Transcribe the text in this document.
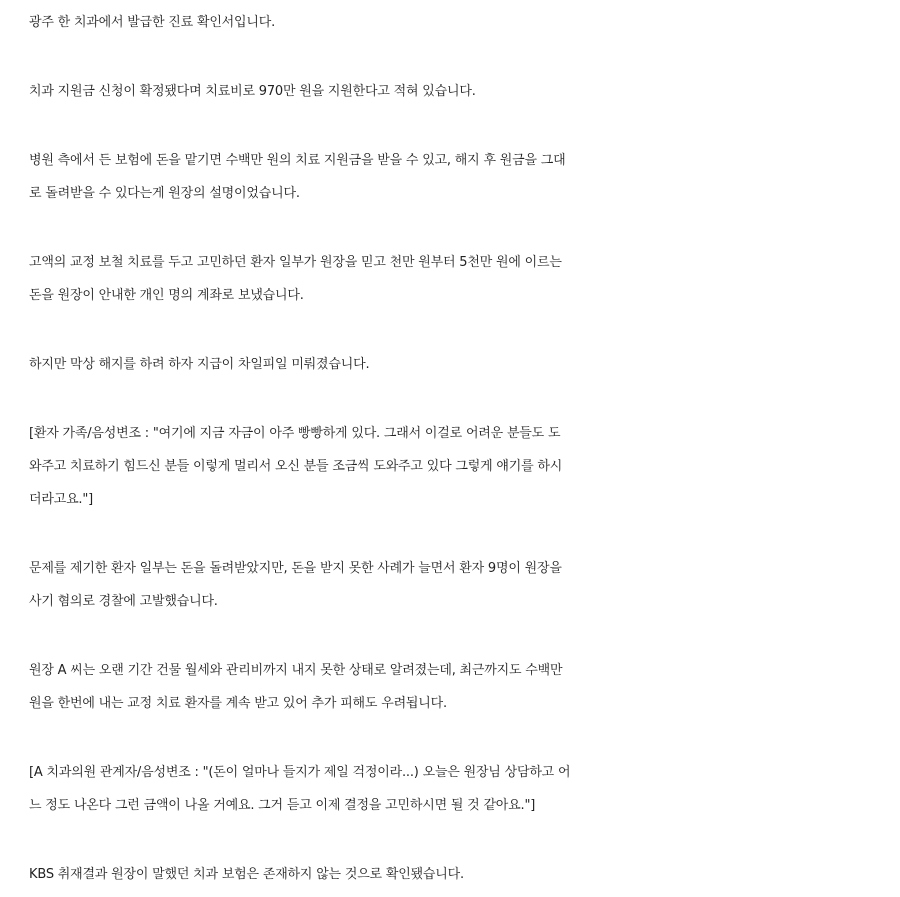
광주 한 치과에서 발급한 진료 확인서입니다.

치과 지원금 신청이 확정됐다며 치료비로 970만 원을 지원한다고 적혀 있습니다.

병원 측에서 든 보험에 돈을 맡기면 수백만 원의 치료 지원금을 받을 수 있고, 해지 후 원금을 그대
로 돌려받을 수 있다는게 원장의 설명이었습니다.

고액의 교정 보철 치료를 두고 고민하던 환자 일부가 원장을 믿고 천만 원부터 5천만 원에 이르는
돈을 원장이 안내한 개인 명의 계좌로 보냈습니다.

하지만 막상 해지를 하려 하자 지급이 차일피일 미뤄졌습니다.

[환자 가족/음성변조 : "여기에 지금 자금이 아주 빵빵하게 있다. 그래서 이걸로 어려운 분들도 도
와주고 치료하기 힘드신 분들 이렇게 멀리서 오신 분들 조금씩 도와주고 있다 그렇게 얘기를 하시
더라고요."]

문제를 제기한 환자 일부는 돈을 돌려받았지만, 돈을 받지 못한 사례가 늘면서 환자 9명이 원장을
사기 혐의로 경찰에 고발했습니다.

원장 A 씨는 오랜 기간 건물 월세와 관리비까지 내지 못한 상태로 알려졌는데, 최근까지도 수백만
원을 한번에 내는 교정 치료 환자를 계속 받고 있어 추가 피해도 우려됩니다.

[A 치과의원 관계자/음성변조 : "(돈이 얼마나 들지가 제일 걱정이라...) 오늘은 원장님 상담하고 어
느 정도 나온다 그런 금액이 나올 거예요. 그거 듣고 이제 결정을 고민하시면 될 것 같아요."]

KBS 취재결과 원장이 말했던 치과 보험은 존재하지 않는 것으로 확인됐습니다.
